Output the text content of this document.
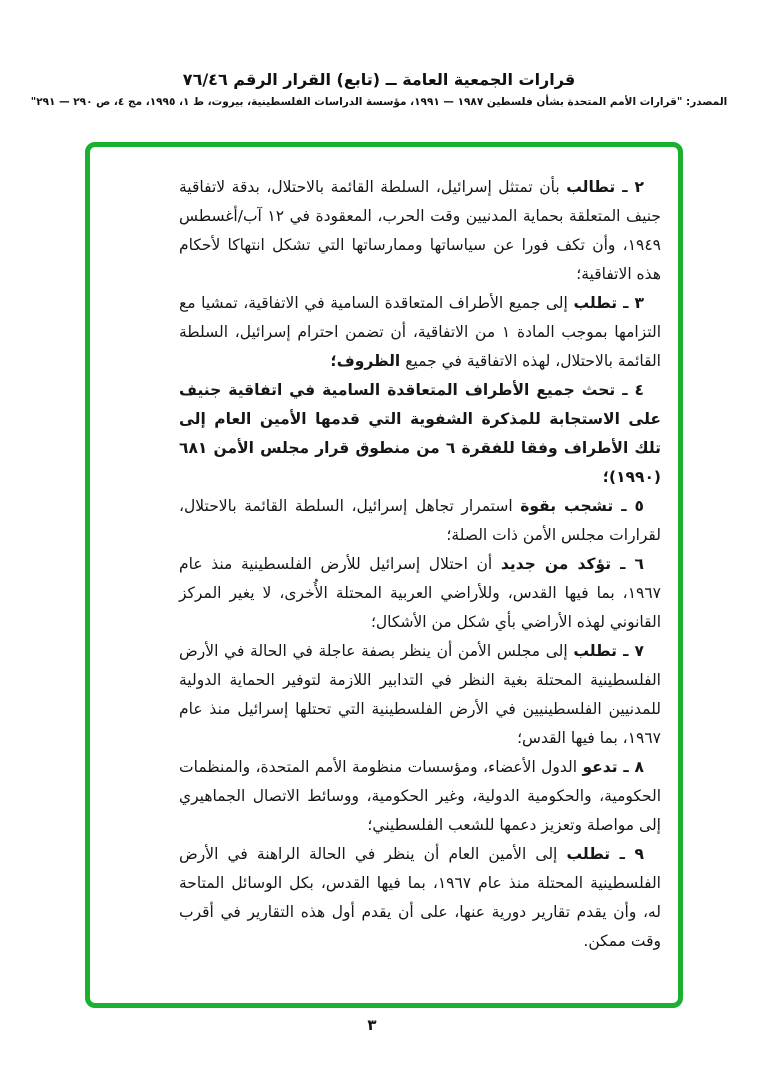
قرارات الجمعية العامة ــ (تابع) القرار الرقم ٧٦/٤٦
المصدر: "قرارات الأمم المتحدة بشأن فلسطين ١٩٨٧ — ١٩٩١، مؤسسة الدراسات الفلسطينية، بيروت، ط ١، ١٩٩٥، مج ٤، ص ٢٩٠ — ٢٩١"

٢ ـ تطالب بأن تمتثل إسرائيل، السلطة القائمة بالاحتلال، بدقة لاتفاقية جنيف المتعلقة بحماية المدنيين وقت الحرب، المعقودة في ١٢ آب/أغسطس ١٩٤٩، وأن تكف فورا عن سياساتها وممارساتها التي تشكل انتهاكا لأحكام هذه الاتفاقية؛

٣ ـ تطلب إلى جميع الأطراف المتعاقدة السامية في الاتفاقية، تمشيا مع التزامها بموجب المادة ١ من الاتفاقية، أن تضمن احترام إسرائيل، السلطة القائمة بالاحتلال، لهذه الاتفاقية في جميع الظروف؛

٤ ـ تحث جميع الأطراف المتعاقدة السامية في اتفاقية جنيف على الاستجابة للمذكرة الشفوية التي قدمها الأمين العام إلى تلك الأطراف وفقا للفقرة ٦ من منطوق قرار مجلس الأمن ٦٨١ (١٩٩٠)؛

٥ ـ تشجب بقوة استمرار تجاهل إسرائيل، السلطة القائمة بالاحتلال، لقرارات مجلس الأمن ذات الصلة؛

٦ ـ تؤكد من جديد أن احتلال إسرائيل للأرض الفلسطينية منذ عام ١٩٦٧، بما فيها القدس، وللأراضي العربية المحتلة الأُخرى، لا يغير المركز القانوني لهذه الأراضي بأي شكل من الأشكال؛

٧ ـ تطلب إلى مجلس الأمن أن ينظر بصفة عاجلة في الحالة في الأرض الفلسطينية المحتلة بغية النظر في التدابير اللازمة لتوفير الحماية الدولية للمدنيين الفلسطينيين في الأرض الفلسطينية التي تحتلها إسرائيل منذ عام ١٩٦٧، بما فيها القدس؛

٨ ـ تدعو الدول الأعضاء، ومؤسسات منظومة الأمم المتحدة، والمنظمات الحكومية، والحكومية الدولية، وغير الحكومية، ووسائط الاتصال الجماهيري إلى مواصلة وتعزيز دعمها للشعب الفلسطيني؛

٩ ـ تطلب إلى الأمين العام أن ينظر في الحالة الراهنة في الأرض الفلسطينية المحتلة منذ عام ١٩٦٧، بما فيها القدس، بكل الوسائل المتاحة له، وأن يقدم تقارير دورية عنها، على أن يقدم أول هذه التقارير في أقرب وقت ممكن.

٣
